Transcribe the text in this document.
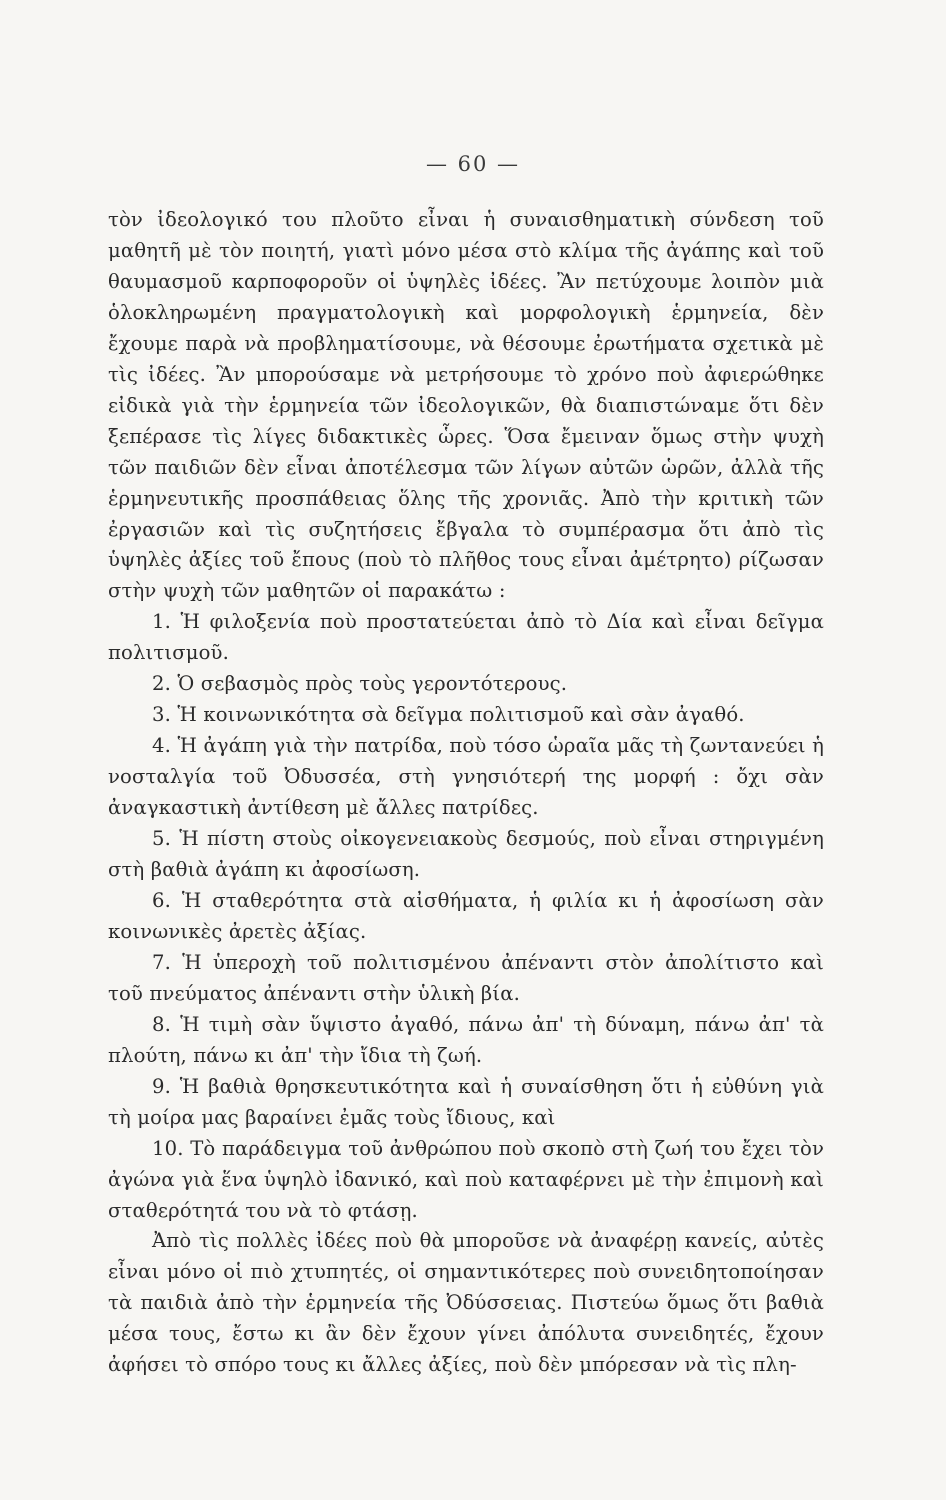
— 60 —

τὸν ἰδεολογικό του πλοῦτο εἶναι ἡ συναισθηματικὴ σύνδεση τοῦ μαθητῆ μὲ τὸν ποιητή, γιατὶ μόνο μέσα στὸ κλίμα τῆς ἀγάπης καὶ τοῦ θαυμασμοῦ καρποφοροῦν οἱ ὑψηλὲς ἰδέες. Ἂν πετύχουμε λοιπὸν μιὰ ὁλοκληρωμένη πραγματολογικὴ καὶ μορφολογικὴ ἑρμηνεία, δὲν ἔχουμε παρὰ νὰ προβληματίσουμε, νὰ θέσουμε ἐρωτήματα σχετικὰ μὲ τὶς ἰδέες. Ἂν μπορούσαμε νὰ μετρήσουμε τὸ χρόνο ποὺ ἀφιερώθηκε εἰδικὰ γιὰ τὴν ἑρμηνεία τῶν ἰδεολογικῶν, θὰ διαπιστώναμε ὅτι δὲν ξεπέρασε τὶς λίγες διδακτικὲς ὧρες. Ὅσα ἔμειναν ὅμως στὴν ψυχὴ τῶν παιδιῶν δὲν εἶναι ἀποτέλεσμα τῶν λίγων αὐτῶν ὡρῶν, ἀλλὰ τῆς ἑρμηνευτικῆς προσπάθειας ὅλης τῆς χρονιᾶς. Ἀπὸ τὴν κριτικὴ τῶν ἐργασιῶν καὶ τὶς συζητήσεις ἔβγαλα τὸ συμπέρασμα ὅτι ἀπὸ τὶς ὑψηλὲς ἀξίες τοῦ ἔπους (ποὺ τὸ πλῆθος τους εἶναι ἀμέτρητο) ρίζωσαν στὴν ψυχὴ τῶν μαθητῶν οἱ παρακάτω :

1. Ἡ φιλοξενία ποὺ προστατεύεται ἀπὸ τὸ Δία καὶ εἶναι δεῖγμα πολιτισμοῦ.

2. Ὁ σεβασμὸς πρὸς τοὺς γεροντότερους.

3. Ἡ κοινωνικότητα σὰ δεῖγμα πολιτισμοῦ καὶ σὰν ἀγαθό.

4. Ἡ ἀγάπη γιὰ τὴν πατρίδα, ποὺ τόσο ὡραῖα μᾶς τὴ ζωντανεύει ἡ νοσταλγία τοῦ Ὀδυσσέα, στὴ γνησιότερή της μορφή : ὄχι σὰν ἀναγκαστικὴ ἀντίθεση μὲ ἄλλες πατρίδες.

5. Ἡ πίστη στοὺς οἰκογενειακοὺς δεσμούς, ποὺ εἶναι στηριγμένη στὴ βαθιὰ ἀγάπη κι ἀφοσίωση.

6. Ἡ σταθερότητα στὰ αἰσθήματα, ἡ φιλία κι ἡ ἀφοσίωση σὰν κοινωνικὲς ἀρετὲς ἀξίας.

7. Ἡ ὑπεροχὴ τοῦ πολιτισμένου ἀπέναντι στὸν ἀπολίτιστο καὶ τοῦ πνεύματος ἀπέναντι στὴν ὑλικὴ βία.

8. Ἡ τιμὴ σὰν ὕψιστο ἀγαθό, πάνω ἀπ' τὴ δύναμη, πάνω ἀπ' τὰ πλούτη, πάνω κι ἀπ' τὴν ἴδια τὴ ζωή.

9. Ἡ βαθιὰ θρησκευτικότητα καὶ ἡ συναίσθηση ὅτι ἡ εὐθύνη γιὰ τὴ μοίρα μας βαραίνει ἐμᾶς τοὺς ἴδιους, καὶ

10. Τὸ παράδειγμα τοῦ ἀνθρώπου ποὺ σκοπὸ στὴ ζωή του ἔχει τὸν ἀγώνα γιὰ ἕνα ὑψηλὸ ἰδανικό, καὶ ποὺ καταφέρνει μὲ τὴν ἐπιμονὴ καὶ σταθερότητά του νὰ τὸ φτάσῃ.

Ἀπὸ τὶς πολλὲς ἰδέες ποὺ θὰ μποροῦσε νὰ ἀναφέρῃ κανείς, αὐτὲς εἶναι μόνο οἱ πιὸ χτυπητές, οἱ σημαντικότερες ποὺ συνειδητοποίησαν τὰ παιδιὰ ἀπὸ τὴν ἑρμηνεία τῆς Ὀδύσσειας. Πιστεύω ὅμως ὅτι βαθιὰ μέσα τους, ἔστω κι ἂν δὲν ἔχουν γίνει ἀπόλυτα συνειδητές, ἔχουν ἀφήσει τὸ σπόρο τους κι ἄλλες ἀξίες, ποὺ δὲν μπόρεσαν νὰ τὶς πλη-
